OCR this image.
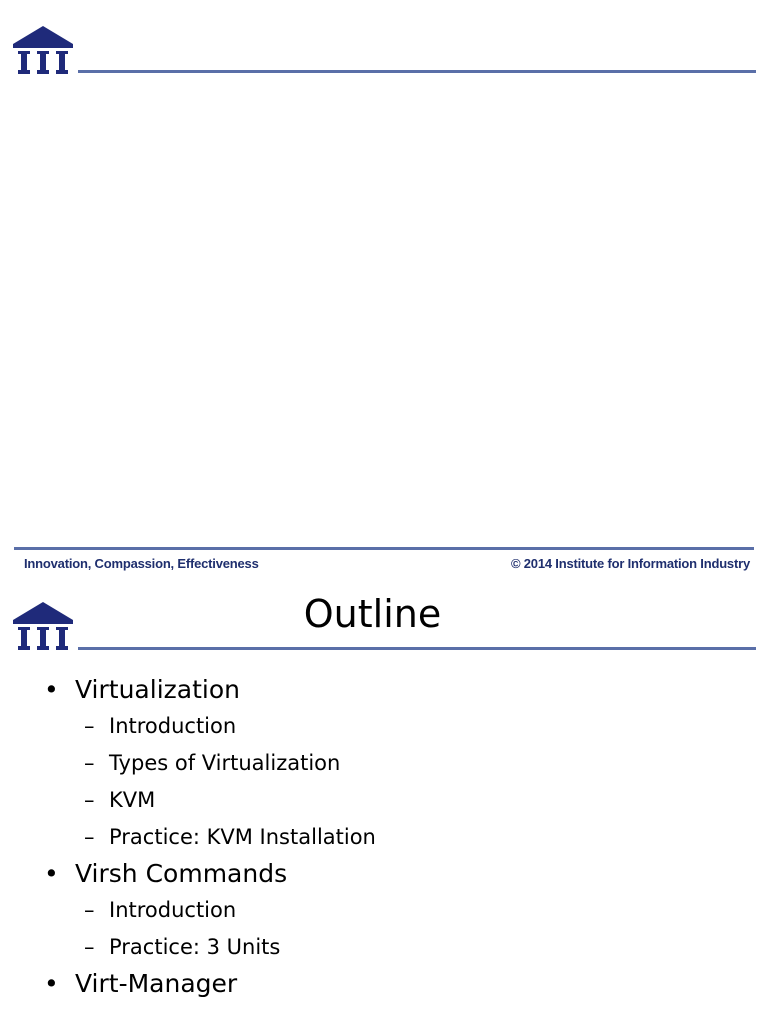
Innovation, Compassion, Effectiveness	© 2014 Institute for Information Industry
Outline
• Virtualization
– Introduction
– Types of Virtualization
– KVM
– Practice: KVM Installation
• Virsh Commands
– Introduction
– Practice: 3 Units
• Virt-Manager
